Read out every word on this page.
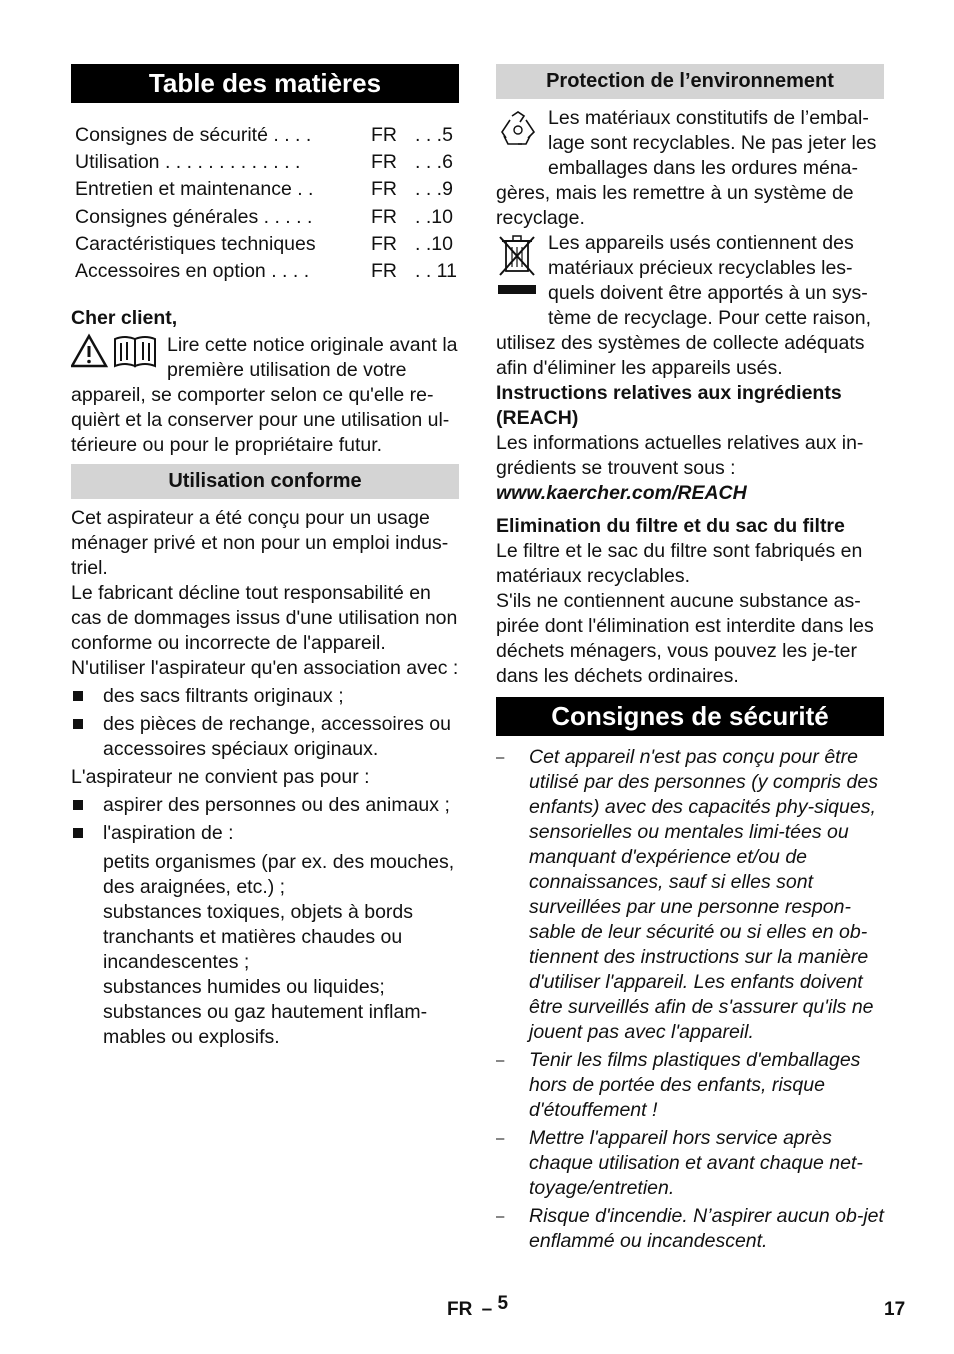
Table des matières
Consignes de sécurité . . . .	FR	. . .5
Utilisation . . . . . . . . . . . . .	FR	. . .6
Entretien et maintenance . .	FR	. . .9
Consignes générales . . . . .	FR	. .10
Caractéristiques techniques	FR	. .10
Accessoires en option . . . .	FR	. . 11

Cher client,

Lire cette notice originale avant la première utilisation de votre appareil, se comporter selon ce qu'elle re-quièrt et la conserver pour une utilisation ul-térieure ou pour le propriétaire futur.

Utilisation conforme

Cet aspirateur a été conçu pour un usage ménager privé et non pour un emploi indus-triel.

Le fabricant décline tout responsabilité en cas de dommages issus d'une utilisation non conforme ou incorrecte de l'appareil.

N'utiliser l'aspirateur qu'en association avec :

des sacs filtrants originaux ;
des pièces de rechange, accessoires ou accessoires spéciaux originaux.

L'aspirateur ne convient pas pour :

aspirer des personnes ou des animaux ;
l'aspiration de :

petits organismes (par ex. des mouches, des araignées, etc.) ;

substances toxiques, objets à bords tranchants et matières chaudes ou incandescentes ;

substances humides ou liquides;

substances ou gaz hautement inflam-mables ou explosifs.

Protection de l’environnement

Les matériaux constitutifs de l’embal-lage sont recyclables. Ne pas jeter les emballages dans les ordures ména-gères, mais les remettre à un système de recyclage.

Les appareils usés contiennent des matériaux précieux recyclables les-quels doivent être apportés à un sys-tème de recyclage. Pour cette raison, utilisez des systèmes de collecte adéquats afin d'éliminer les appareils usés.

Instructions relatives aux ingrédients (REACH)

Les informations actuelles relatives aux in-grédients se trouvent sous :

www.kaercher.com/REACH

Elimination du filtre et du sac du filtre

Le filtre et le sac du filtre sont fabriqués en matériaux recyclables.

S'ils ne contiennent aucune substance as-pirée dont l'élimination est interdite dans les déchets ménagers, vous pouvez les je-ter dans les déchets ordinaires.

Consignes de sécurité
– Cet appareil n'est pas conçu pour être utilisé par des personnes (y compris des enfants) avec des capacités phy-siques, sensorielles ou mentales limi-tées ou manquant d'expérience et/ou de connaissances, sauf si elles sont surveillées par une personne respon-sable de leur sécurité ou si elles en ob-tiennent des instructions sur la manière d'utiliser l'appareil. Les enfants doivent être surveillés afin de s'assurer qu'ils ne jouent pas avec l'appareil.
– Tenir les films plastiques d'emballages hors de portée des enfants, risque d'étouffement !
– Mettre l'appareil hors service après chaque utilisation et avant chaque net-toyage/entretien.
– Risque d'incendie. N’aspirer aucun ob-jet enflammé ou incandescent.
FR – 5	17
